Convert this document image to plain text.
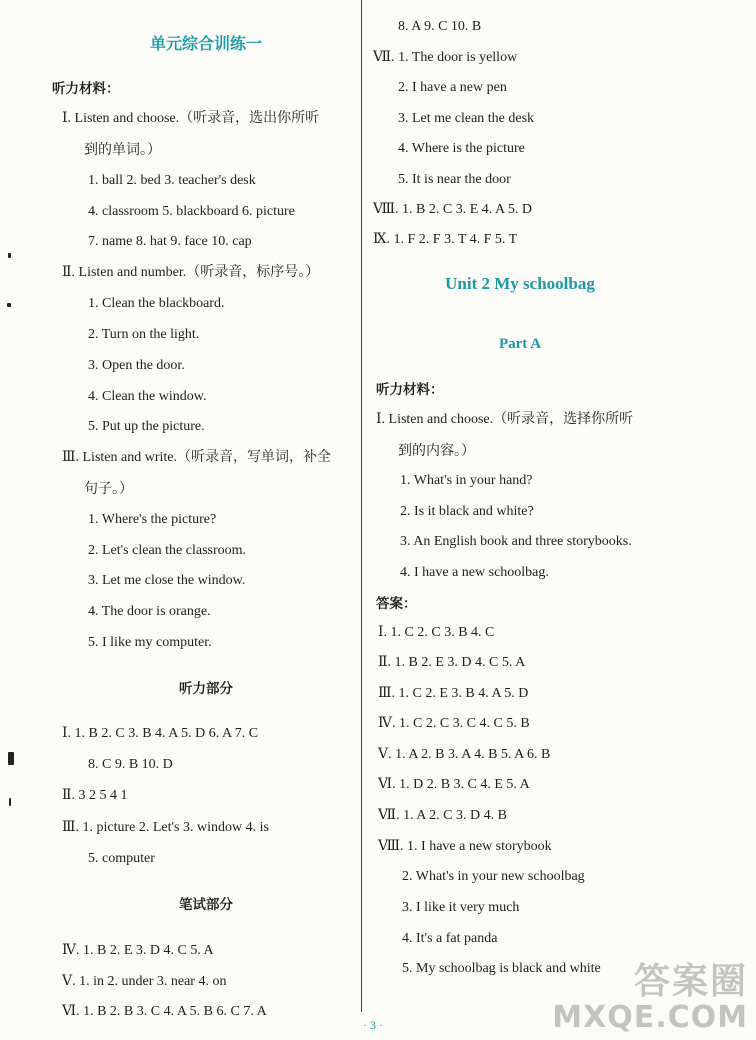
单元综合训练一
听力材料：
Ⅰ. Listen and choose.（听录音，选出你所听
到的单词。）
1. ball 2. bed 3. teacher's desk
4. classroom 5. blackboard 6. picture
7. name 8. hat 9. face 10. cap
Ⅱ. Listen and number.（听录音，标序号。）
1. Clean the blackboard.
2. Turn on the light.
3. Open the door.
4. Clean the window.
5. Put up the picture.
Ⅲ. Listen and write.（听录音，写单词，补全
句子。）
1. Where's the picture?
2. Let's clean the classroom.
3. Let me close the window.
4. The door is orange.
5. I like my computer.
听力部分
Ⅰ. 1. B 2. C 3. B 4. A 5. D 6. A 7. C
8. C 9. B 10. D
Ⅱ. 3 2 5 4 1
Ⅲ. 1. picture 2. Let's 3. window 4. is
5. computer
笔试部分
Ⅳ. 1. B 2. E 3. D 4. C 5. A
Ⅴ. 1. in 2. under 3. near 4. on
Ⅵ. 1. B 2. B 3. C 4. A 5. B 6. C 7. A
8. A 9. C 10. B
Ⅶ. 1. The door is yellow
2. I have a new pen
3. Let me clean the desk
4. Where is the picture
5. It is near the door
Ⅷ. 1. B 2. C 3. E 4. A 5. D
Ⅸ. 1. F 2. F 3. T 4. F 5. T
Unit 2 My schoolbag
Part A
听力材料：
Ⅰ. Listen and choose.（听录音，选择你所听
到的内容。）
1. What's in your hand?
2. Is it black and white?
3. An English book and three storybooks.
4. I have a new schoolbag.
答案：
Ⅰ. 1. C 2. C 3. B 4. C
Ⅱ. 1. B 2. E 3. D 4. C 5. A
Ⅲ. 1. C 2. E 3. B 4. A 5. D
Ⅳ. 1. C 2. C 3. C 4. C 5. B
Ⅴ. 1. A 2. B 3. A 4. B 5. A 6. B
Ⅵ. 1. D 2. B 3. C 4. E 5. A
Ⅶ. 1. A 2. C 3. D 4. B
Ⅷ. 1. I have a new storybook
2. What's in your new schoolbag
3. I like it very much
4. It's a fat panda
5. My schoolbag is black and white
· 3 ·
答案圈
MXQE.COM
